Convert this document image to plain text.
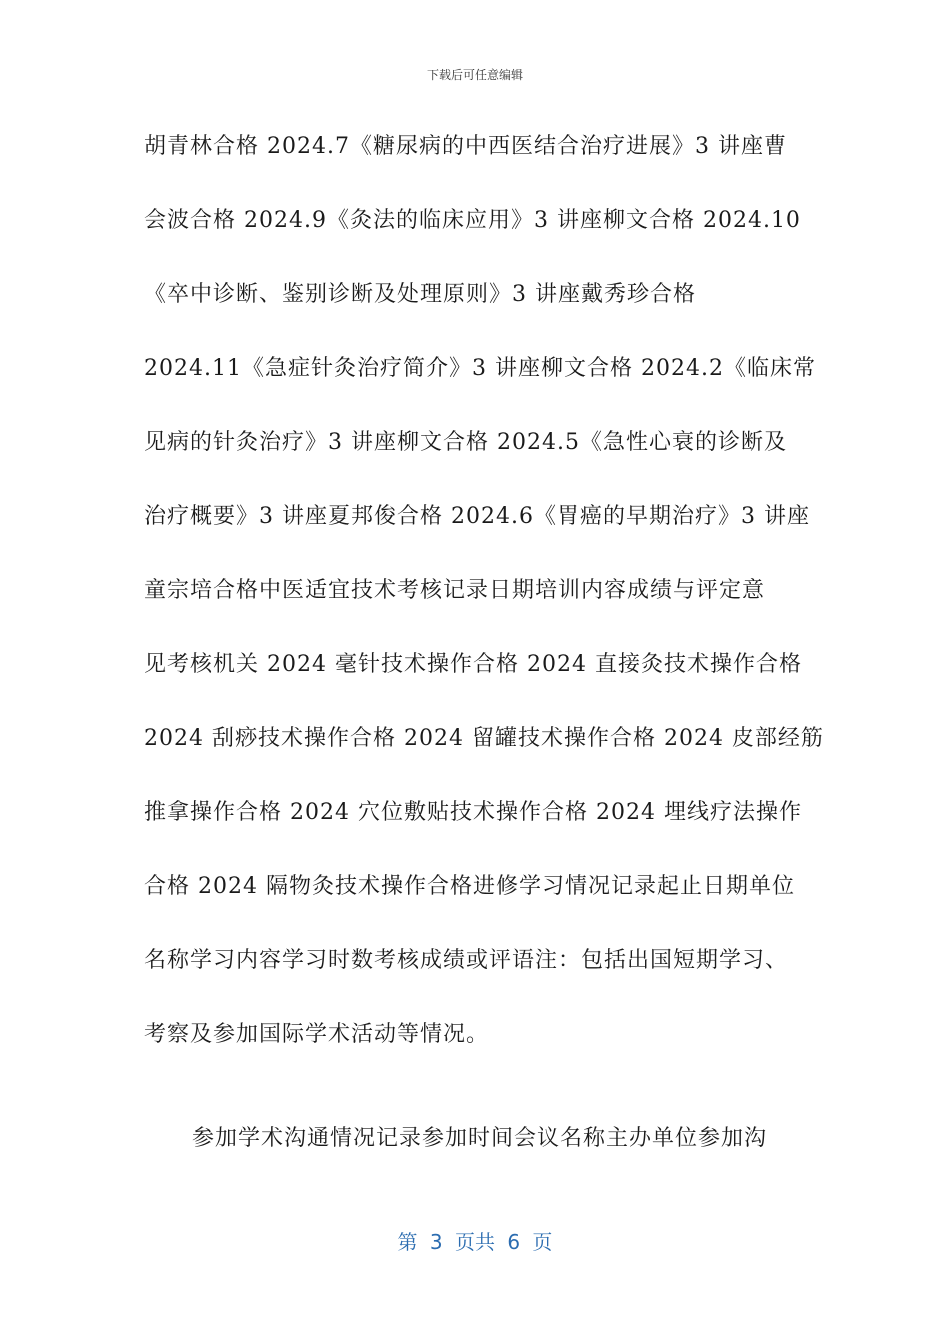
下载后可任意编辑
胡青林合格 2024.7《糖尿病的中西医结合治疗进展》3 讲座曹
会波合格 2024.9《灸法的临床应用》3 讲座柳文合格 2024.10
《卒中诊断、鉴别诊断及处理原则》3 讲座戴秀珍合格
2024.11《急症针灸治疗简介》3 讲座柳文合格 2024.2《临床常
见病的针灸治疗》3 讲座柳文合格 2024.5《急性心衰的诊断及
治疗概要》3 讲座夏邦俊合格 2024.6《胃癌的早期治疗》3 讲座
童宗培合格中医适宜技术考核记录日期培训内容成绩与评定意
见考核机关 2024 毫针技术操作合格 2024 直接灸技术操作合格
2024 刮痧技术操作合格 2024 留罐技术操作合格 2024 皮部经筋
推拿操作合格 2024 穴位敷贴技术操作合格 2024 埋线疗法操作
合格 2024 隔物灸技术操作合格进修学习情况记录起止日期单位
名称学习内容学习时数考核成绩或评语注：包括出国短期学习、
考察及参加国际学术活动等情况。
参加学术沟通情况记录参加时间会议名称主办单位参加沟
第 3 页共 6 页
